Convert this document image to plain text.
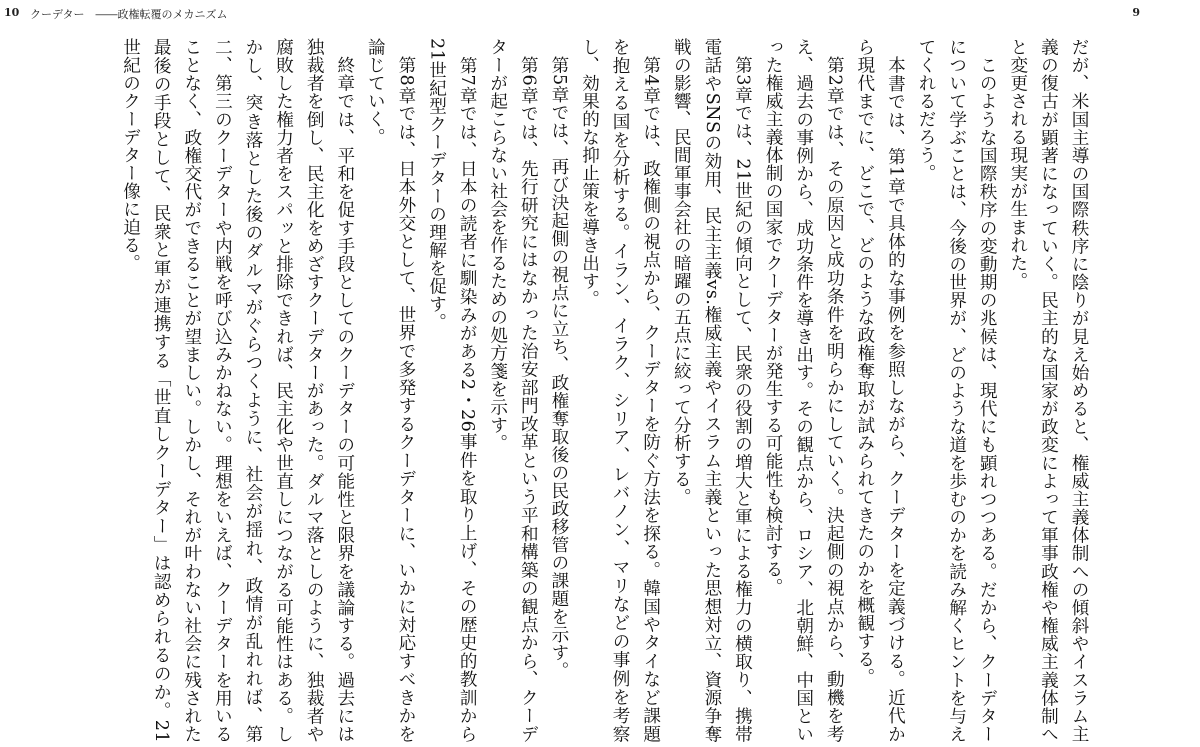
10 クーデター　――政権転覆のメカニズム	9

だが、米国主導の国際秩序に陰りが見え始めると、権威主義体制への傾斜やイスラム主義の復古が顕著になっていく。民主的な国家が政変によって軍事政権や権威主義体制へと変更される現実が生まれた。

　このような国際秩序の変動期の兆候は、現代にも顕れつつある。だから、クーデターについて学ぶことは、今後の世界が、どのような道を歩むのかを読み解くヒントを与えてくれるだろう。

　本書では、第1章で具体的な事例を参照しながら、クーデターを定義づける。近代から現代までに、どこで、どのような政権奪取が試みられてきたのかを概観する。

　第2章では、その原因と成功条件を明らかにしていく。決起側の視点から、動機を考え、過去の事例から、成功条件を導き出す。その観点から、ロシア、北朝鮮、中国といった権威主義体制の国家でクーデターが発生する可能性も検討する。

　第3章では、21世紀の傾向として、民衆の役割の増大と軍による権力の横取り、携帯電話やSNSの効用、民主主義vs.権威主義やイスラム主義といった思想対立、資源争奪戦の影響、民間軍事会社の暗躍の五点に絞って分析する。

　第4章では、政権側の視点から、クーデターを防ぐ方法を探る。韓国やタイなど課題を抱える国を分析する。イラン、イラク、シリア、レバノン、マリなどの事例を考察し、効果的な抑止策を導き出す。

　第5章では、再び決起側の視点に立ち、政権奪取後の民政移管の課題を示す。

　第6章では、先行研究にはなかった治安部門改革という平和構築の観点から、クーデターが起こらない社会を作るための処方箋を示す。

　第7章では、日本の読者に馴染みがある2・26事件を取り上げ、その歴史的教訓から21世紀型クーデターの理解を促す。

　第8章では、日本外交として、世界で多発するクーデターに、いかに対応すべきかを論じていく。

　終章では、平和を促す手段としてのクーデターの可能性と限界を議論する。過去には独裁者を倒し、民主化をめざすクーデターがあった。ダルマ落としのように、独裁者や腐敗した権力者をスパッと排除できれば、民主化や世直しにつながる可能性はある。しかし、突き落とした後のダルマがぐらつくように、社会が揺れ、政情が乱れれば、第二、第三のクーデターや内戦を呼び込みかねない。理想をいえば、クーデターを用いることなく、政権交代ができることが望ましい。しかし、それが叶わない社会に残された最後の手段として、民衆と軍が連携する「世直しクーデター」は認められるのか。21世紀のクーデター像に迫る。
